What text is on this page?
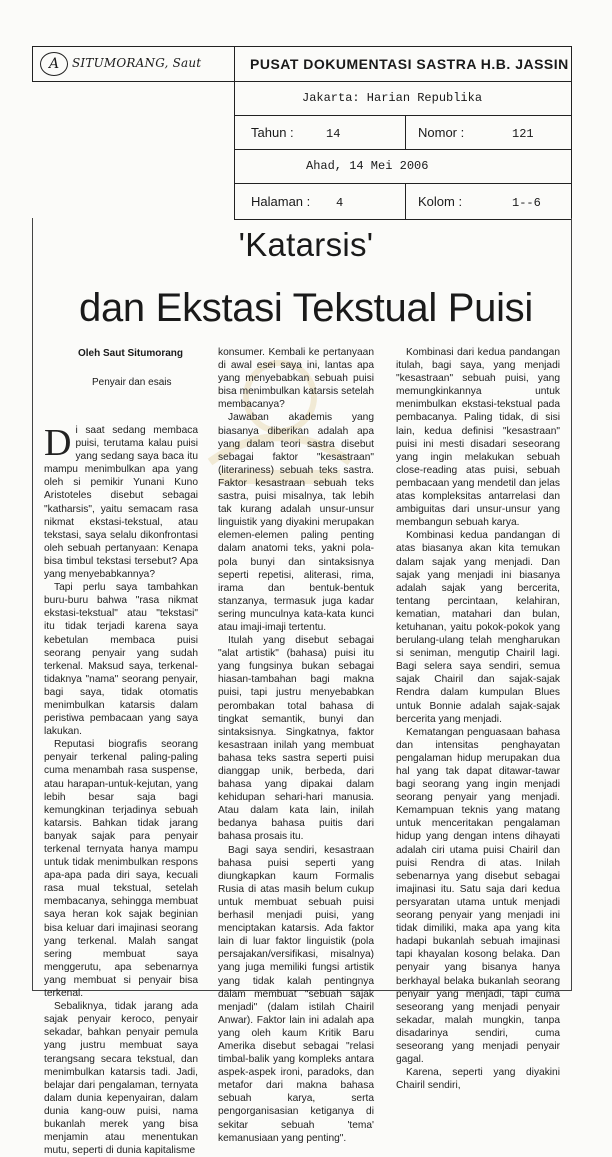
A	SITUMORANG, Saut	PUSAT DOKUMENTASI SASTRA H.B. JASSIN
Jakarta: Harian Republika
Tahun :	14	Nomor :	121
Ahad, 14 Mei 2006
Halaman : 4	Kolom :	1--6
'Katarsis'
dan Ekstasi Tekstual Puisi
Oleh Saut Situmorang
Penyair dan esais

Di saat sedang membaca puisi, terutama kalau puisi yang sedang saya baca itu mampu menimbulkan apa yang oleh si pemikir Yunani Kuno Aristoteles disebut sebagai "katharsis", yaitu semacam rasa nikmat ekstasi-tekstual, atau tekstasi, saya selalu dikonfrontasi oleh sebuah pertanyaan: Kenapa bisa timbul tekstasi tersebut? Apa yang menyebabkannya?

Tapi perlu saya tambahkan buru-buru bahwa "rasa nikmat ekstasi-tekstual" atau "tekstasi" itu tidak terjadi karena saya kebetulan membaca puisi seorang penyair yang sudah terkenal. Maksud saya, terkenal-tidaknya "nama" seorang penyair, bagi saya, tidak otomatis menimbulkan katarsis dalam peristiwa pembacaan yang saya lakukan.

Reputasi biografis seorang penyair terkenal paling-paling cuma menambah rasa suspense, atau harapan-untuk-kejutan, yang lebih besar saja bagi kemungkinan terjadinya sebuah katarsis. Bahkan tidak jarang banyak sajak para penyair terkenal ternyata hanya mampu untuk tidak menimbulkan respons apa-apa pada diri saya, kecuali rasa mual tekstual, setelah membacanya, sehingga membuat saya heran kok sajak beginian bisa keluar dari imajinasi seorang yang terkenal. Malah sangat sering membuat saya menggerutu, apa sebenarnya yang membuat si penyair bisa terkenal.

Sebaliknya, tidak jarang ada sajak penyair keroco, penyair sekadar, bahkan penyair pemula yang justru membuat saya terangsang secara tekstual, dan menimbulkan katarsis tadi. Jadi, belajar dari pengalaman, ternyata dalam dunia kepenyairan, dalam dunia kang-ouw puisi, nama bukanlah merek yang bisa menjamin atau menentukan mutu, seperti di dunia kapitalisme

konsumer. Kembali ke pertanyaan di awal esei saya ini, lantas apa yang menyebabkan sebuah puisi bisa menimbulkan katarsis setelah membacanya?

Jawaban akademis yang biasanya diberikan adalah apa yang dalam teori sastra disebut sebagai faktor "kesastraan" (literariness) sebuah teks sastra. Faktor kesastraan sebuah teks sastra, puisi misalnya, tak lebih tak kurang adalah unsur-unsur linguistik yang diyakini merupakan elemen-elemen paling penting dalam anatomi teks, yakni pola-pola bunyi dan sintaksisnya seperti repetisi, aliterasi, rima, irama dan bentuk-bentuk stanzanya, termasuk juga kadar sering munculnya kata-kata kunci atau imaji-imaji tertentu.

Itulah yang disebut sebagai "alat artistik" (bahasa) puisi itu yang fungsinya bukan sebagai hiasan-tambahan bagi makna puisi, tapi justru menyebabkan perombakan total bahasa di tingkat semantik, bunyi dan sintaksisnya. Singkatnya, faktor kesastraan inilah yang membuat bahasa teks sastra seperti puisi dianggap unik, berbeda, dari bahasa yang dipakai dalam kehidupan sehari-hari manusia. Atau dalam kata lain, inilah bedanya bahasa puitis dari bahasa prosais itu.

Bagi saya sendiri, kesastraan bahasa puisi seperti yang diungkapkan kaum Formalis Rusia di atas masih belum cukup untuk membuat sebuah puisi berhasil menjadi puisi, yang menciptakan katarsis. Ada faktor lain di luar faktor linguistik (pola persajakan/versifikasi, misalnya) yang juga memiliki fungsi artistik yang tidak kalah pentingnya dalam membuat "sebuah sajak menjadi" (dalam istilah Chairil Anwar). Faktor lain ini adalah apa yang oleh kaum Kritik Baru Amerika disebut sebagai "relasi timbal-balik yang kompleks antara aspek-aspek ironi, paradoks, dan metafor dari makna bahasa sebuah karya, serta pengorganisasian ketiganya di sekitar sebuah 'tema' kemanusiaan yang penting".

Kombinasi dari kedua pandangan itulah, bagi saya, yang menjadi "kesastraan" sebuah puisi, yang memungkinkannya untuk menimbulkan ekstasi-tekstual pada pembacanya. Paling tidak, di sisi lain, kedua definisi "kesastraan" puisi ini mesti disadari seseorang yang ingin melakukan sebuah close-reading atas puisi, sebuah pembacaan yang mendetil dan jelas atas kompleksitas antarrelasi dan ambiguitas dari unsur-unsur yang membangun sebuah karya.

Kombinasi kedua pandangan di atas biasanya akan kita temukan dalam sajak yang menjadi. Dan sajak yang menjadi ini biasanya adalah sajak yang bercerita, tentang percintaan, kelahiran, kematian, matahari dan bulan, ketuhanan, yaitu pokok-pokok yang berulang-ulang telah mengharukan si seniman, mengutip Chairil lagi. Bagi selera saya sendiri, semua sajak Chairil dan sajak-sajak Rendra dalam kumpulan Blues untuk Bonnie adalah sajak-sajak bercerita yang menjadi.

Kematangan penguasaan bahasa dan intensitas penghayatan pengalaman hidup merupakan dua hal yang tak dapat ditawar-tawar bagi seorang yang ingin menjadi seorang penyair yang menjadi. Kemampuan teknis yang matang untuk menceritakan pengalaman hidup yang dengan intens dihayati adalah ciri utama puisi Chairil dan puisi Rendra di atas. Inilah sebenarnya yang disebut sebagai imajinasi itu. Satu saja dari kedua persyaratan utama untuk menjadi seorang penyair yang menjadi ini tidak dimiliki, maka apa yang kita hadapi bukanlah sebuah imajinasi tapi khayalan kosong belaka. Dan penyair yang bisanya hanya berkhayal belaka bukanlah seorang penyair yang menjadi, tapi cuma seseorang yang menjadi penyair sekadar, malah mungkin, tanpa disadarinya sendiri, cuma seseorang yang menjadi penyair gagal.

Karena, seperti yang diyakini Chairil sendiri,
